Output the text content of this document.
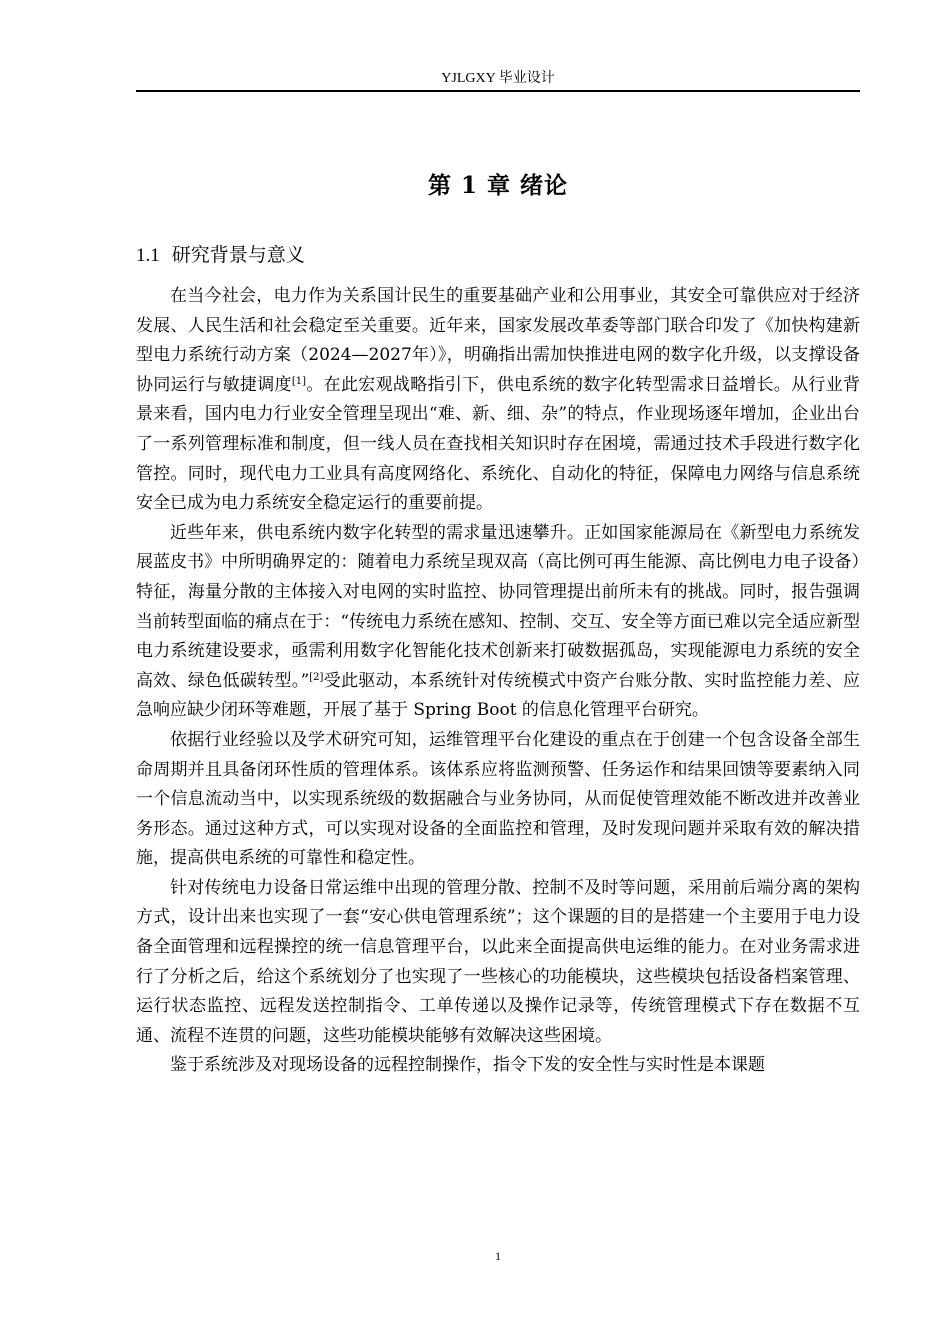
YJLGXY 毕业设计
第 1 章 绪论
1.1 研究背景与意义

在当今社会，电力作为关系国计民生的重要基础产业和公用事业，其安全可靠供应对于经济发展、人民生活和社会稳定至关重要。近年来，国家发展改革委等部门联合印发了《加快构建新型电力系统行动方案（2024—2027年）》，明确指出需加快推进电网的数字化升级，以支撑设备协同运行与敏捷调度[1]。在此宏观战略指引下，供电系统的数字化转型需求日益增长。从行业背景来看，国内电力行业安全管理呈现出“难、新、细、杂”的特点，作业现场逐年增加，企业出台了一系列管理标准和制度，但一线人员在查找相关知识时存在困境，需通过技术手段进行数字化管控。同时，现代电力工业具有高度网络化、系统化、自动化的特征，保障电力网络与信息系统安全已成为电力系统安全稳定运行的重要前提。

近些年来，供电系统内数字化转型的需求量迅速攀升。正如国家能源局在《新型电力系统发展蓝皮书》中所明确界定的：随着电力系统呈现双高（高比例可再生能源、高比例电力电子设备）特征，海量分散的主体接入对电网的实时监控、协同管理提出前所未有的挑战。同时，报告强调当前转型面临的痛点在于：“传统电力系统在感知、控制、交互、安全等方面已难以完全适应新型电力系统建设要求，亟需利用数字化智能化技术创新来打破数据孤岛，实现能源电力系统的安全高效、绿色低碳转型。”[2]受此驱动，本系统针对传统模式中资产台账分散、实时监控能力差、应急响应缺少闭环等难题，开展了基于 Spring Boot 的信息化管理平台研究。

依据行业经验以及学术研究可知，运维管理平台化建设的重点在于创建一个包含设备全部生命周期并且具备闭环性质的管理体系。该体系应将监测预警、任务运作和结果回馈等要素纳入同一个信息流动当中，以实现系统级的数据融合与业务协同，从而促使管理效能不断改进并改善业务形态。通过这种方式，可以实现对设备的全面监控和管理，及时发现问题并采取有效的解决措施，提高供电系统的可靠性和稳定性。

针对传统电力设备日常运维中出现的管理分散、控制不及时等问题，采用前后端分离的架构方式，设计出来也实现了一套“安心供电管理系统”；这个课题的目的是搭建一个主要用于电力设备全面管理和远程操控的统一信息管理平台，以此来全面提高供电运维的能力。在对业务需求进行了分析之后，给这个系统划分了也实现了一些核心的功能模块，这些模块包括设备档案管理、运行状态监控、远程发送控制指令、工单传递以及操作记录等，传统管理模式下存在数据不互通、流程不连贯的问题，这些功能模块能够有效解决这些困境。

鉴于系统涉及对现场设备的远程控制操作，指令下发的安全性与实时性是本课题

1
